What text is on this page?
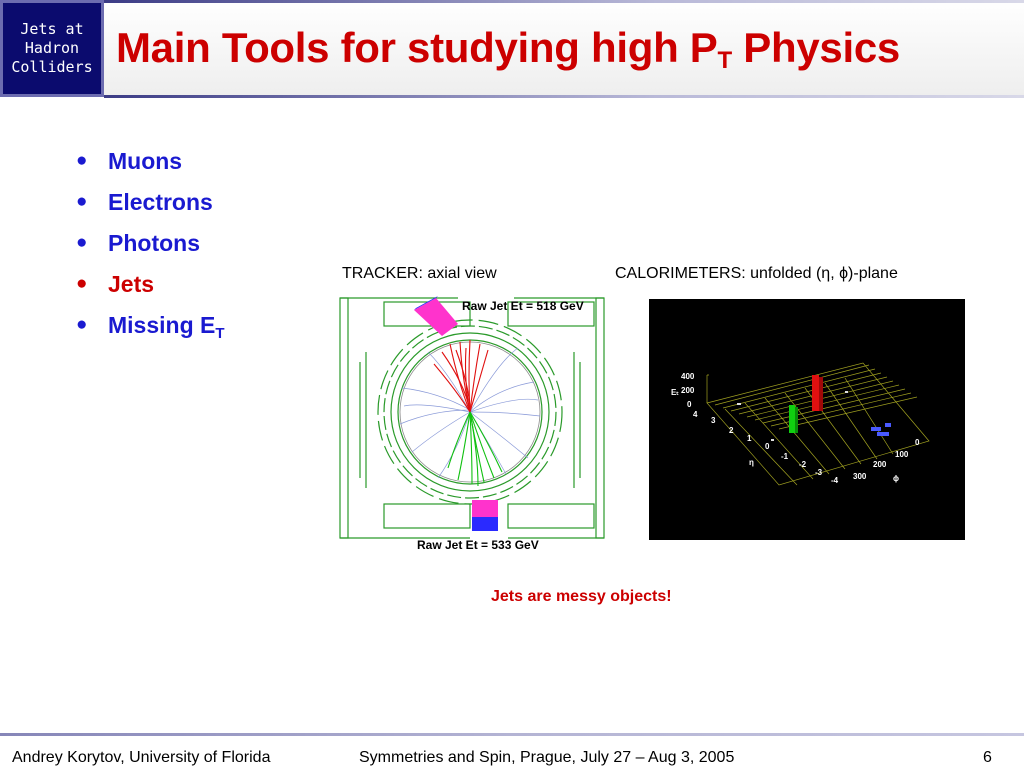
Jets at
Hadron
Colliders Main Tools for studying high $P_T$ Physics
● Muons
● Electrons
● Photons
● Jets
● Missing $E_T$
TRACKER: axial view	CALORIMETERS: unfolded (η, ϕ)-plane
Raw Jet Et = 518 GeV
Raw Jet Et = 533 GeV
Eₜ
400
200
0
4
3
2
1
0
-1
-2
-3
-4
η
0
100
200
300	ϕ
Jets are messy objects!
Andrey Korytov, University of Florida	Symmetries and Spin, Prague, July 27 – Aug 3, 2005	6
